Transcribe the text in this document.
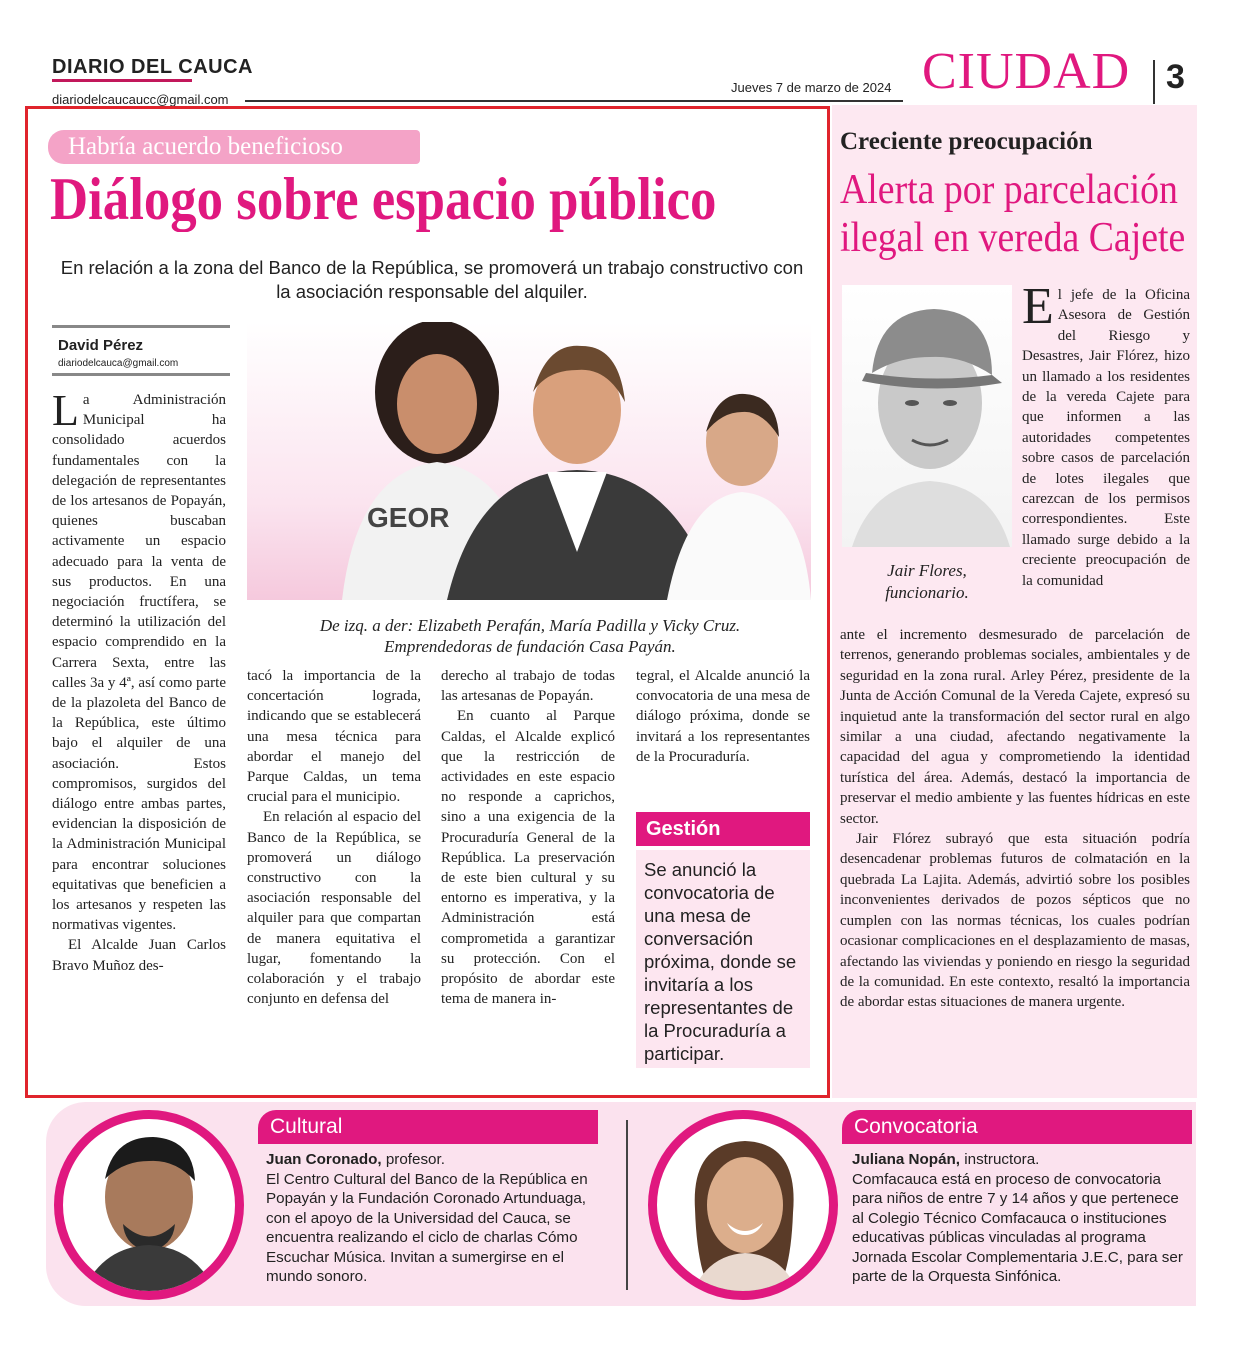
DIARIO DEL CAUCA
diariodelcaucaucc@gmail.com
Jueves 7 de marzo de 2024 CIUDAD 3
Habría acuerdo beneficioso
Diálogo sobre espacio público
En relación a la zona del Banco de la República, se promoverá un trabajo constructivo con la asociación responsable del alquiler.
David Pérez
diariodelcauca@gmail.com
GEOR
De izq. a der: Elizabeth Perafán, María Padilla y Vicky Cruz.
Emprendedoras de fundación Casa Payán.

La Administración Municipal ha consolidado acuerdos fundamentales con la delegación de representantes de los artesanos de Popayán, quienes buscaban activamente un espacio adecuado para la venta de sus productos. En una negociación fructífera, se determinó la utilización del espacio comprendido en la Carrera Sexta, entre las calles 3a y 4ª, así como parte de la plazoleta del Banco de la República, este último bajo el alquiler de una asociación. Estos compromisos, surgidos del diálogo entre ambas partes, evidencian la disposición de la Administración Municipal para encontrar soluciones equitativas que beneficien a los artesanos y respeten las normativas vigentes.

El Alcalde Juan Carlos Bravo Muñoz des-

tacó la importancia de la concertación lograda, indicando que se establecerá una mesa técnica para abordar el manejo del Parque Caldas, un tema crucial para el municipio.

En relación al espacio del Banco de la República, se promoverá un diálogo constructivo con la asociación responsable del alquiler para que compartan de manera equitativa el lugar, fomentando la colaboración y el trabajo conjunto en defensa del

derecho al trabajo de todas las artesanas de Popayán.

En cuanto al Parque Caldas, el Alcalde explicó que la restricción de actividades en este espacio no responde a caprichos, sino a una exigencia de la Procuraduría General de la República. La preservación de este bien cultural y su entorno es imperativa, y la Administración está comprometida a garantizar su protección. Con el propósito de abordar este tema de manera in-

tegral, el Alcalde anunció la convocatoria de una mesa de diálogo próxima, donde se invitará a los representantes de la Procuraduría.

Gestión
Se anunció la convocatoria de una mesa de conversación próxima, donde se invitaría a los representantes de la Procuraduría a participar.
Creciente preocupación
Alerta por parcelación ilegal en vereda Cajete
Jair Flores,
funcionario.

El jefe de la Oficina Asesora de Gestión del Riesgo y Desastres, Jair Flórez, hizo un llamado a los residentes de la vereda Cajete para que informen a las autoridades competentes sobre casos de parcelación de lotes ilegales que carezcan de los permisos correspondientes. Este llamado surge debido a la creciente preocupación de la comunidad

ante el incremento desmesurado de parcelación de terrenos, generando problemas sociales, ambientales y de seguridad en la zona rural. Arley Pérez, presidente de la Junta de Acción Comunal de la Vereda Cajete, expresó su inquietud ante la transformación del sector rural en algo similar a una ciudad, afectando negativamente la capacidad del agua y comprometiendo la identidad turística del área. Además, destacó la importancia de preservar el medio ambiente y las fuentes hídricas en este sector.

Jair Flórez subrayó que esta situación podría desencadenar problemas futuros de colmatación en la quebrada La Lajita. Además, advirtió sobre los posibles inconvenientes derivados de pozos sépticos que no cumplen con las normas técnicas, los cuales podrían ocasionar complicaciones en el desplazamiento de masas, afectando las viviendas y poniendo en riesgo la seguridad de la comunidad. En este contexto, resaltó la importancia de abordar estas situaciones de manera urgente.

Cultural
Juan Coronado, profesor.
El Centro Cultural del Banco de la República en Popayán y la Fundación Coronado Artunduaga, con el apoyo de la Universidad del Cauca, se encuentra realizando el ciclo de charlas Cómo Escuchar Música. Invitan a sumergirse en el mundo sonoro.
Convocatoria
Juliana Nopán, instructora.
Comfacauca está en proceso de convocatoria para niños de entre 7 y 14 años y que pertenece al Colegio Técnico Comfacauca o instituciones educativas públicas vinculadas al programa Jornada Escolar Complementaria J.E.C, para ser parte de la Orquesta Sinfónica.
